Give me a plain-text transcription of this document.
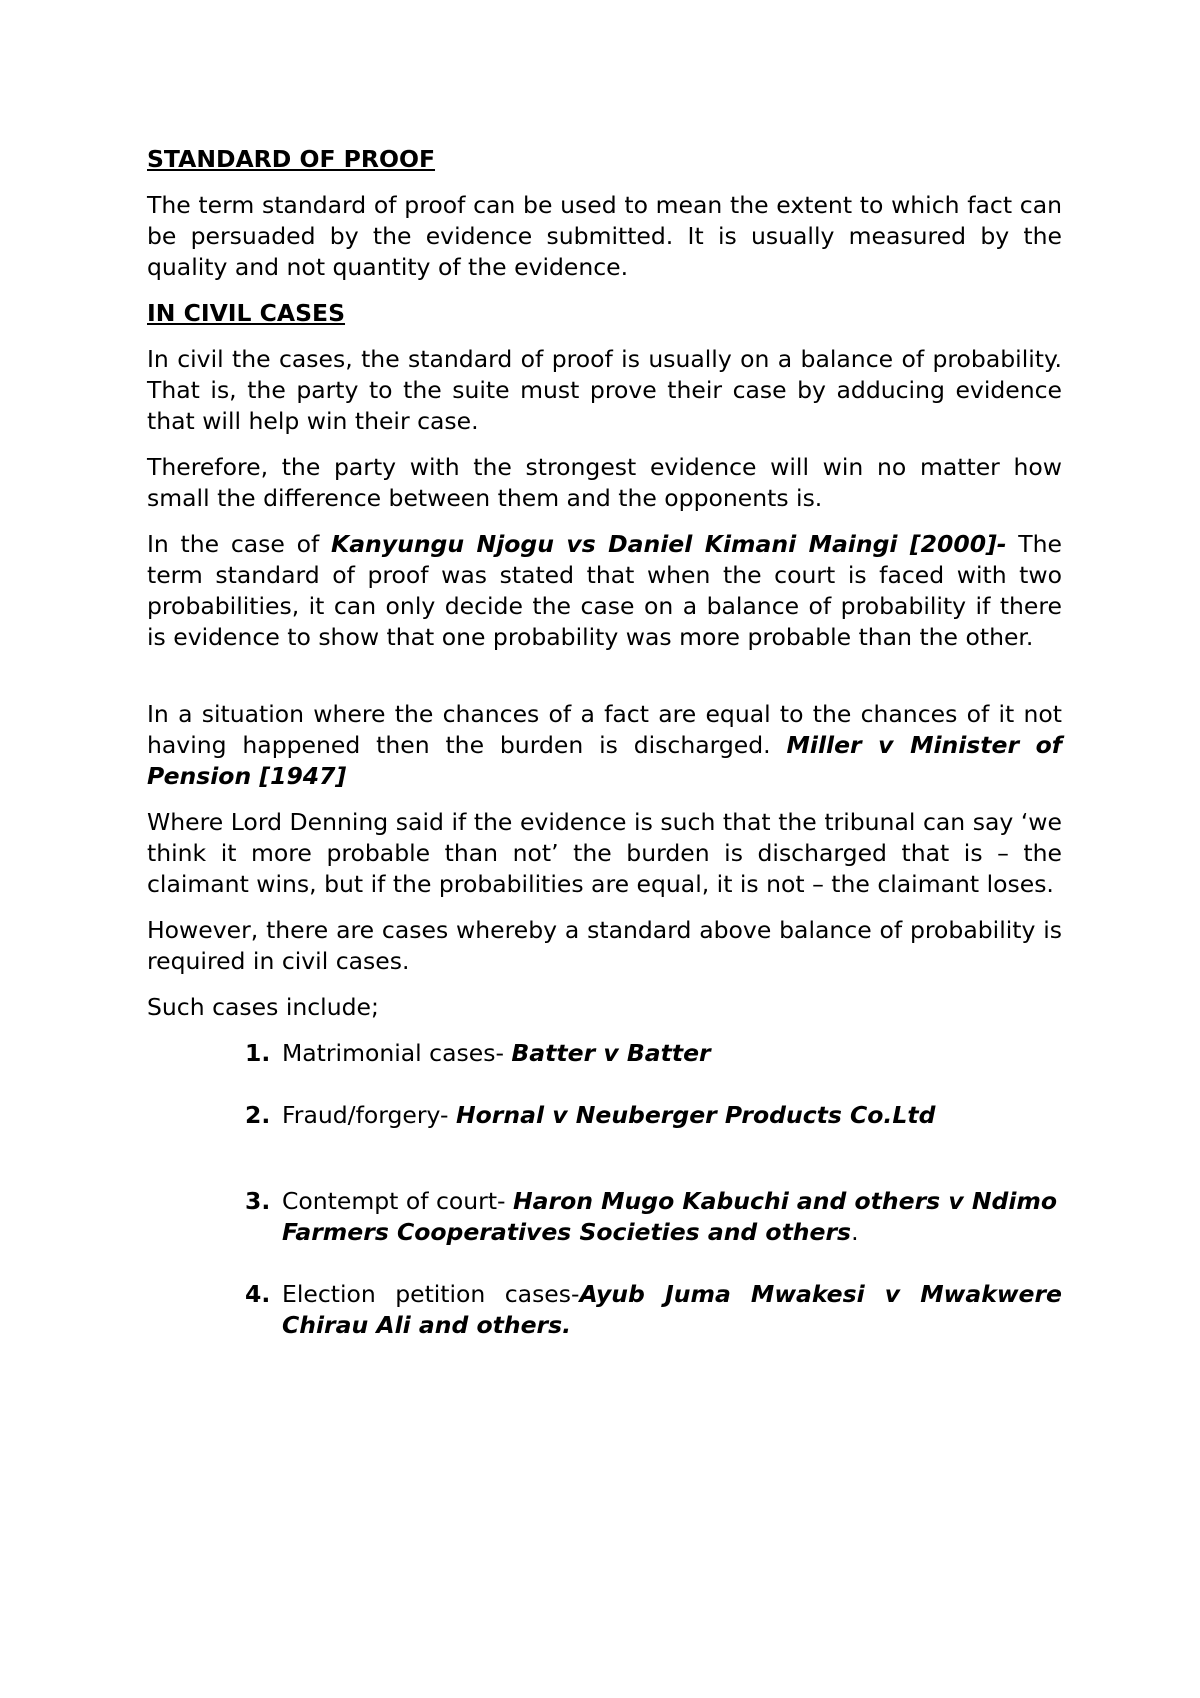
STANDARD OF PROOF

The term standard of proof can be used to mean the extent to which fact can be persuaded by the evidence submitted. It is usually measured by the quality and not quantity of the evidence.

IN CIVIL CASES

In civil the cases, the standard of proof is usually on a balance of probability. That is, the party to the suite must prove their case by adducing evidence that will help win their case.

Therefore, the party with the strongest evidence will win no matter how small the difference between them and the opponents is.

In the case of Kanyungu Njogu vs Daniel Kimani Maingi [2000]- The term standard of proof was stated that when the court is faced with two probabilities, it can only decide the case on a balance of probability if there is evidence to show that one probability was more probable than the other.

In a situation where the chances of a fact are equal to the chances of it not having happened then the burden is discharged. Miller v Minister of Pension [1947]

Where Lord Denning said if the evidence is such that the tribunal can say ‘we think it more probable than not’ the burden is discharged that is – the claimant wins, but if the probabilities are equal, it is not – the claimant loses.

However, there are cases whereby a standard above balance of probability is required in civil cases.

Such cases include;

1. Matrimonial cases- Batter v Batter
2. Fraud/forgery- Hornal v Neuberger Products Co.Ltd
3. Contempt of court- Haron Mugo Kabuchi and others v Ndimo

Farmers Cooperatives Societies and others.

4. Election petition cases-Ayub Juma Mwakesi v Mwakwere Chirau Ali and others.
